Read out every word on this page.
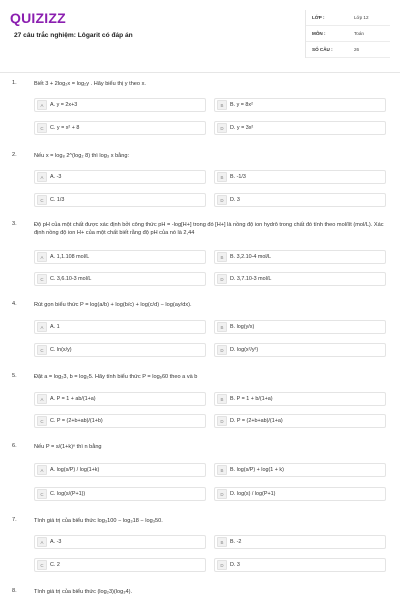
QUIZIZZ
27 câu trắc nghiệm: Lôgarit có đáp án
LỚP :	Lớp 12
MÔN :	Toán
SỐ CÂU :	26
1.	Biết 3 + 2log₂x = log₂y . Hãy biểu thị y theo x.
A	A. y = 2x+3	B	B. y = 8x²
C	C. y = x² + 8	D	D. y = 3x²
2.	Nếu x = log₈ 2^(log₂ 8) thì log₃ x bằng:
A	A. -3	B	B. -1/3
C	C. 1/3	D	D. 3
3.	Độ pH của một chất được xác định bởi công thức pH = -log[H+] trong đó [H+] là nồng độ ion hydrô trong chất đó tính theo mol/lít (mol/L). Xác định nồng độ ion H+ của một chất biết rằng độ pH của nó là 2,44
A	A. 1,1.108 mol/L	B	B. 3,2.10-4 mol/L
C	C. 3,6.10-3 mol/L	D	D. 3,7.10-3 mol/L
4.	Rút gọn biểu thức P = log(a/b) + log(b/c) + log(c/d) − log(ay/dx).
A	A. 1	B	B. log(y/x)
C	C. ln(x/y)	D	D. log(x²/y²)
5.	Đặt a = log₂3, b = log₂5. Hãy tính biểu thức P = log₆60 theo a và b
A	A. P = 1 + ab/(1+a)	B	B. P = 1 + b/(1+a)
C	C. P = (2+b+ab)/(1+b)	D	D. P = (2+b+ab)/(1+a)
6.	Nếu P = s/(1+k)ⁿ thì n bằng
A	A. log(s/P) / log(1+k)	B	B. log(s/P) + log(1 + k)
C	C. log(s/(P+1))	D	D. log(s) / log(P+1)
7.	Tính giá trị của biểu thức log₃100 − log₃18 − log₃50.
A	A. -3	B	B. -2
C	C. 2	D	D. 3
8.	Tính giá trị của biểu thức (log₂3)(log₃4).
